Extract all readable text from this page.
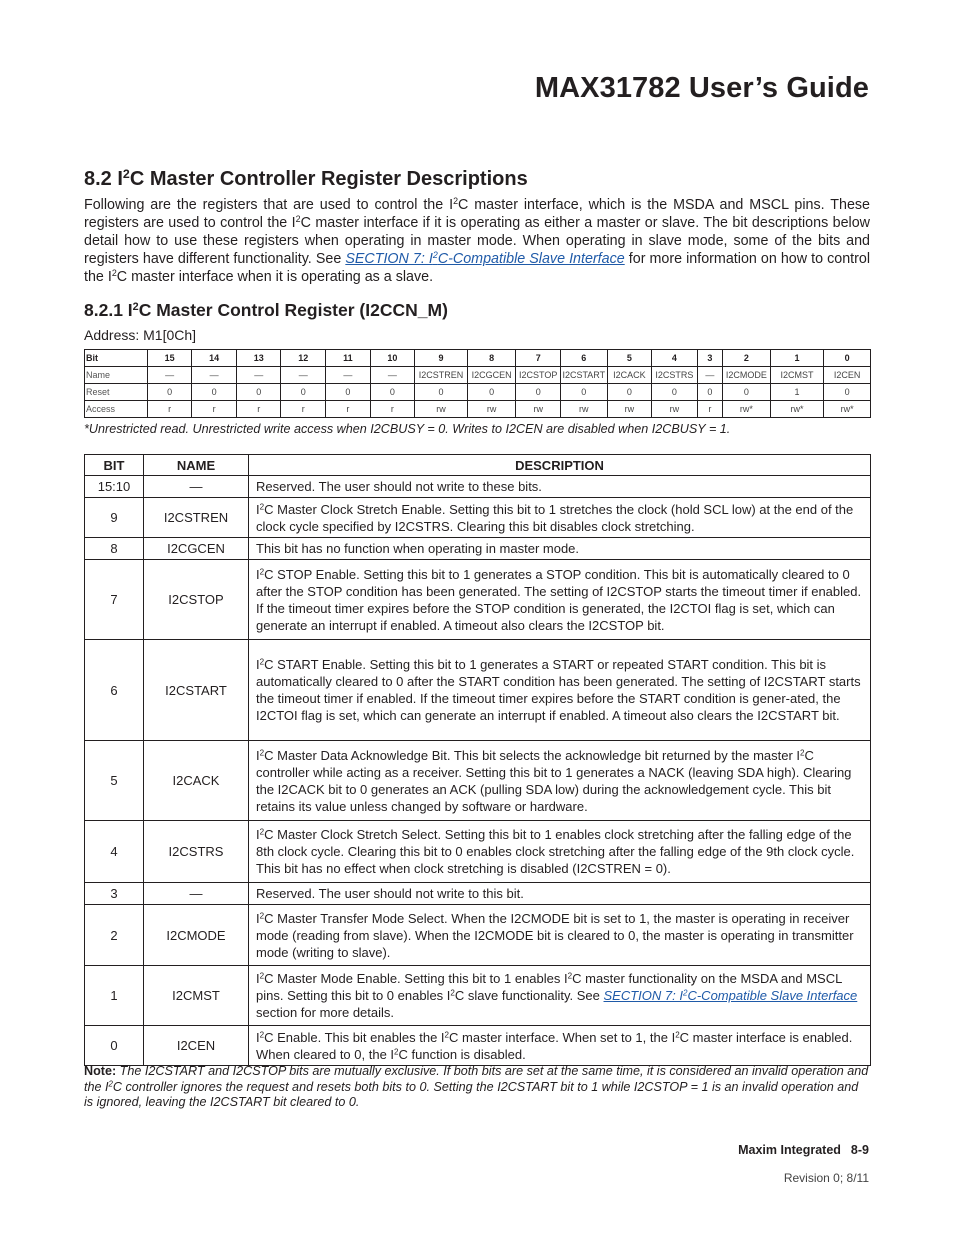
MAX31782 User’s Guide
8.2 $I^2C$ Master Controller Register Descriptions

Following are the registers that are used to control the $I^2C$ master interface, which is the MSDA and MSCL pins. These registers are used to control the $I^2C$ master interface if it is operating as either a master or slave. The bit descriptions below detail how to use these registers when operating in master mode. When operating in slave mode, some of the bits and registers have different functionality. See SECTION 7: $I^2C$-Compatible Slave Interface for more information on how to control the $I^2C$ master interface when it is operating as a slave.

8.2.1 $I^2C$ Master Control Register (I2CCN_M)

Address: M1[0Ch]

Bit	15	14	13	12	11	10	9	8	7	6	5	4	3	2	1	0
Name	—	—	—	—	—	—	I2CSTREN	I2CGCEN	I2CSTOP	I2CSTART	I2CACK	I2CSTRS	—	I2CMODE	I2CMST	I2CEN
Reset	0	0	0	0	0	0	0	0	0	0	0	0	0	0	1	0
Access	r	r	r	r	r	r	rw	rw	rw	rw	rw	rw	r	rw*	rw*	rw*

*Unrestricted read. Unrestricted write access when I2CBUSY = 0. Writes to I2CEN are disabled when I2CBUSY = 1.

BIT	NAME	DESCRIPTION
15:10	—	Reserved. The user should not write to these bits.
9	I2CSTREN	$I^2C$ Master Clock Stretch Enable. Setting this bit to 1 stretches the clock (hold SCL low) at the end of the clock cycle specified by I2CSTRS. Clearing this bit disables clock stretching.
8	I2CGCEN	This bit has no function when operating in master mode.
7	I2CSTOP	$I^2C$ STOP Enable. Setting this bit to 1 generates a STOP condition. This bit is automatically cleared to 0 after the STOP condition has been generated. The setting of I2CSTOP starts the timeout timer if enabled. If the timeout timer expires before the STOP condition is generated, the I2CTOI flag is set, which can generate an interrupt if enabled. A timeout also clears the I2CSTOP bit.
6	I2CSTART	$I^2C$ START Enable. Setting this bit to 1 generates a START or repeated START condition. This bit is automatically cleared to 0 after the START condition has been generated. The setting of I2CSTART starts the timeout timer if enabled. If the timeout timer expires before the START condition is gener-ated, the I2CTOI flag is set, which can generate an interrupt if enabled. A timeout also clears the I2CSTART bit.
5	I2CACK	$I^2C$ Master Data Acknowledge Bit. This bit selects the acknowledge bit returned by the master $I^2C$ controller while acting as a receiver. Setting this bit to 1 generates a NACK (leaving SDA high). Clearing the I2CACK bit to 0 generates an ACK (pulling SDA low) during the acknowledgement cycle. This bit retains its value unless changed by software or hardware.
4	I2CSTRS	$I^2C$ Master Clock Stretch Select. Setting this bit to 1 enables clock stretching after the falling edge of the 8th clock cycle. Clearing this bit to 0 enables clock stretching after the falling edge of the 9th clock cycle. This bit has no effect when clock stretching is disabled (I2CSTREN = 0).
3	—	Reserved. The user should not write to this bit.
2	I2CMODE	$I^2C$ Master Transfer Mode Select. When the I2CMODE bit is set to 1, the master is operating in receiver mode (reading from slave). When the I2CMODE bit is cleared to 0, the master is operating in transmitter mode (writing to slave).
1	I2CMST	$I^2C$ Master Mode Enable. Setting this bit to 1 enables $I^2C$ master functionality on the MSDA and MSCL pins. Setting this bit to 0 enables $I^2C$ slave functionality. See SECTION 7: $I^2C$-Compatible Slave Interface section for more details.
0	I2CEN	$I^2C$ Enable. This bit enables the $I^2C$ master interface. When set to 1, the $I^2C$ master interface is enabled. When cleared to 0, the $I^2C$ function is disabled.

Note: The I2CSTART and I2CSTOP bits are mutually exclusive. If both bits are set at the same time, it is considered an invalid operation and the $I^2C$ controller ignores the request and resets both bits to 0. Setting the I2CSTART bit to 1 while I2CSTOP = 1 is an invalid operation and is ignored, leaving the I2CSTART bit cleared to 0.

Maxim Integrated 8-9

Revision 0; 8/11
